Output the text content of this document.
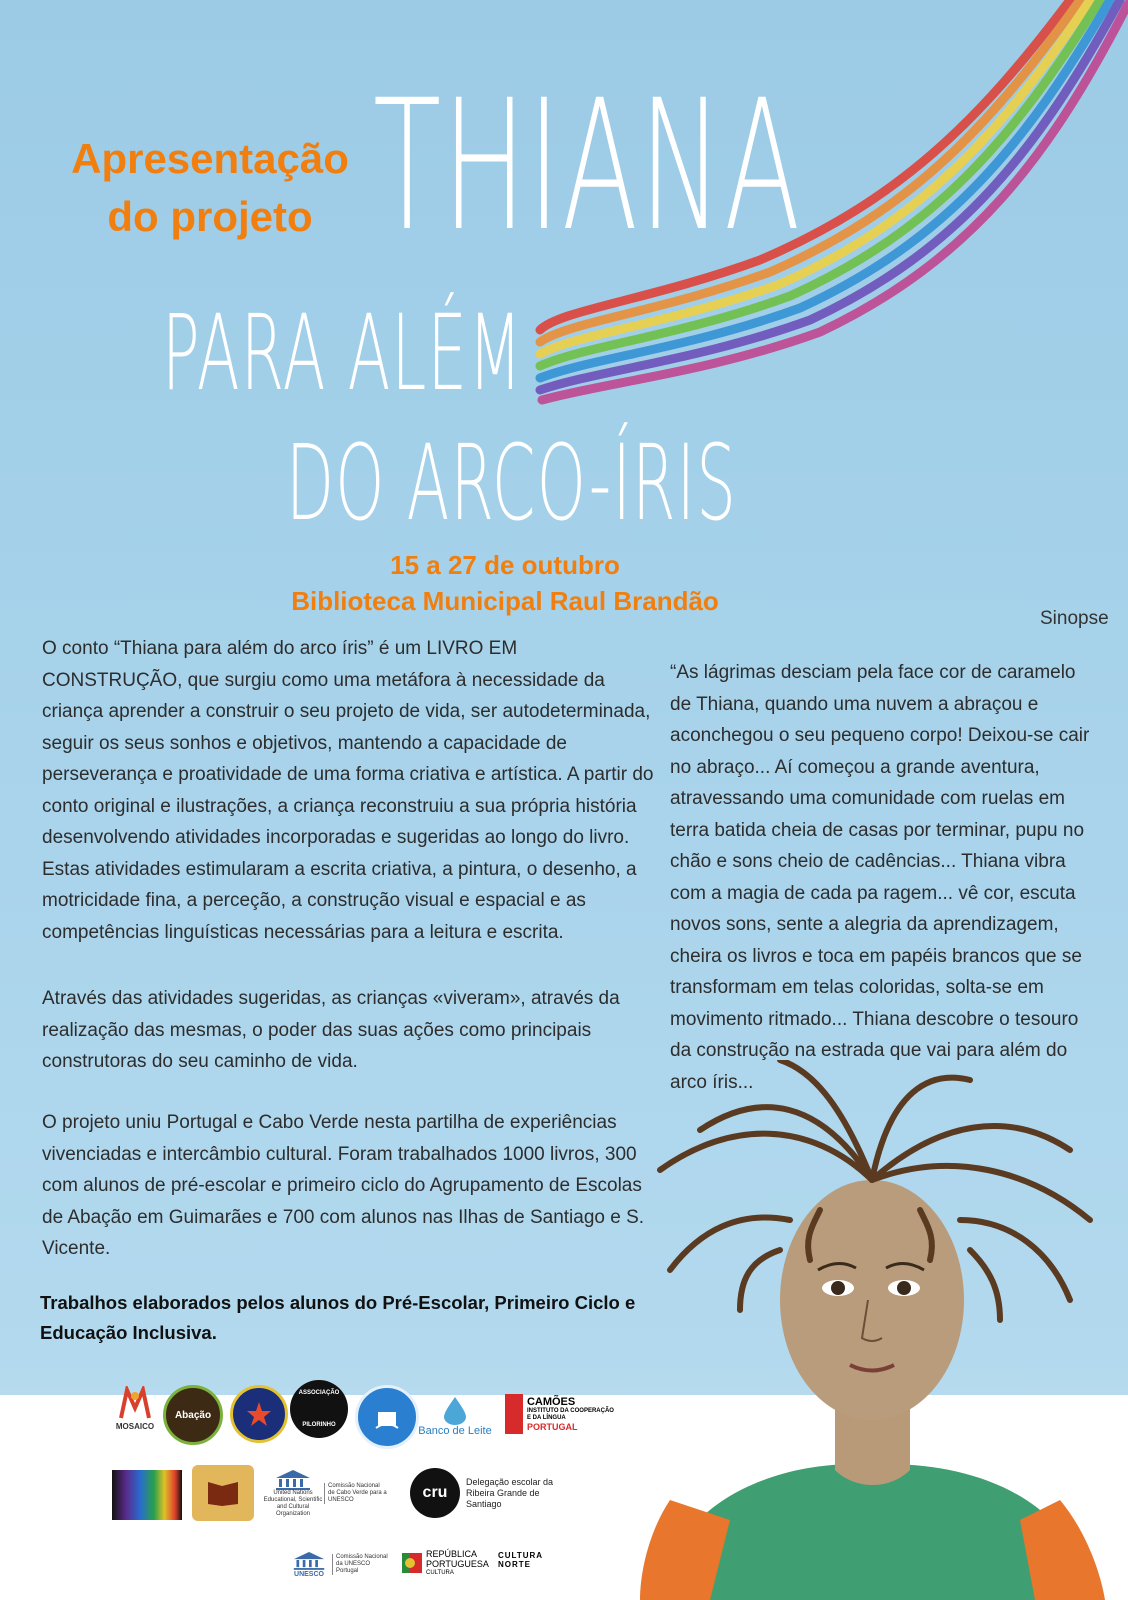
Apresentação
do projeto THIANA
PARA ALÉM
DO ARCO-ÍRIS
15 a 27 de outubro
Biblioteca Municipal Raul Brandão
Sinopse
O conto “Thiana para além do arco íris” é um LIVRO EM CONSTRUÇÃO, que surgiu como uma metáfora à necessidade da criança aprender a construir o seu projeto de vida, ser autodeterminada, seguir os seus sonhos e objetivos, mantendo a capacidade de perseverança e proatividade de uma forma criativa e artística. A partir do conto original e ilustrações, a criança reconstruiu a sua própria história desenvolvendo atividades incorporadas e sugeridas ao longo do livro. Estas atividades estimularam a escrita criativa, a pintura, o desenho, a motricidade fina, a perceção, a construção visual e espacial e as competências linguísticas necessárias para a leitura e escrita.
Através das atividades sugeridas, as crianças «viveram», através da realização das mesmas, o poder das suas ações como principais construtoras do seu caminho de vida.
O projeto uniu Portugal e Cabo Verde nesta partilha de experiências vivenciadas e intercâmbio cultural. Foram trabalhados 1000 livros, 300 com alunos de pré-escolar e primeiro ciclo do Agrupamento de Escolas de Abação em Guimarães e 700 com alunos nas Ilhas de Santiago e S. Vicente.
“As lágrimas desciam pela face cor de caramelo de Thiana, quando uma nuvem a abraçou e aconchegou o seu pequeno corpo! Deixou-se cair no abraço... Aí começou a grande aventura, atravessando uma comunidade com ruelas em terra batida cheia de casas por terminar, pupu no chão e sons cheio de cadências... Thiana vibra com a magia de cada pa ragem... vê cor, escuta novos sons, sente a alegria da aprendizagem, cheira os livros e toca em papéis brancos que se transformam em telas coloridas, solta-se em movimento ritmado... Thiana descobre o tesouro da construção na estrada que vai para além do arco íris...
Trabalhos elaborados pelos alunos do Pré-Escolar, Primeiro Ciclo e Educação Inclusiva.
MOSAICO
Abação
ASSOCIAÇÃO
PILORINHO	Banco de Leite
CAMÕES
INSTITUTO DA COOPERAÇÃO E DA LÍNGUA
PORTUGAL
United Nations Educational, Scientific and Cultural Organization
Comissão Nacional de Cabo Verde para a UNESCO	cru
Delegação escolar da Ribeira Grande de Santiago
UNESCO
Comissão Nacional da UNESCO Portugal
REPÚBLICA
PORTUGUESA
CULTURA
CULTURA NORTE
